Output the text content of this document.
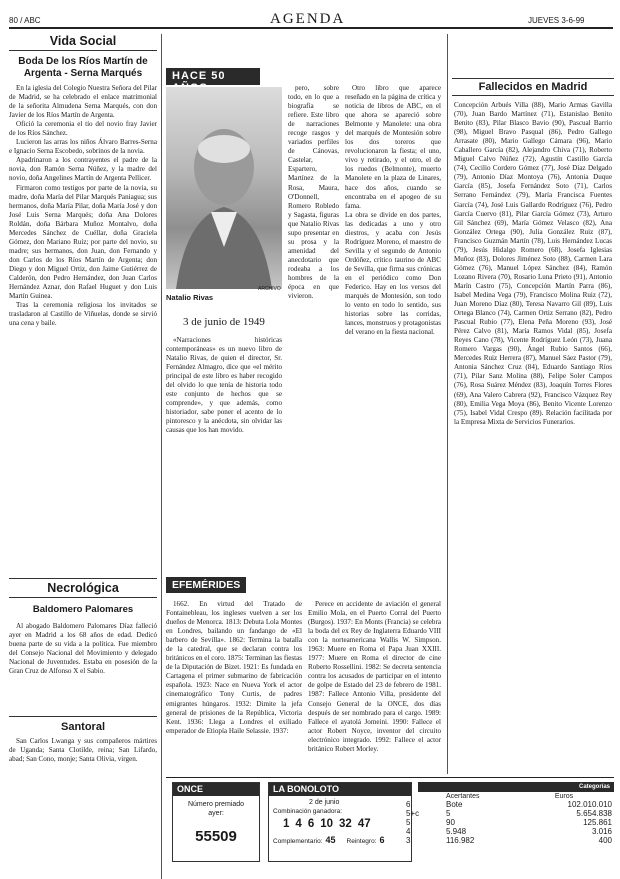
80 / ABC	AGENDA	JUEVES 3-6-99
Vida Social
Boda De los Ríos Martín de Argenta - Serna Marqués

En la iglesia del Colegio Nuestra Señora del Pilar de Madrid, se ha celebrado el enlace matrimonial de la señorita Almudena Serna Marqués, con don Javier de los Ríos Martín de Argenta.

Ofició la ceremonia el tío del novio fray Javier de los Ríos Sánchez.

Lucieron las arras los niños Álvaro Barres-Serna e Ignacio Serna Escobedo, sobrinos de la novia.

Apadrinaron a los contrayentes el padre de la novia, don Ramón Serna Núñez, y la madre del novio, doña Angelines Martín de Argenta Pellicer.

Firmaron como testigos por parte de la novia, su madre, doña María del Pilar Marqués Paniagua; sus hermanos, doña María Pilar, doña María José y don José Luis Serna Marqués; doña Ana Dolores Roldán, doña Bárbara Muñoz Montalvo, doña Mercedes Sánchez de Cuéllar, doña Graciela Gómez, don Mariano Ruiz; por parte del novio, su madre; sus hermanos, don Juan, don Fernando y don Carlos de los Ríos Martín de Argenta; don Diego y don Miguel Ortiz, don Jaime Gutiérrez de Calderón, don Pedro Hernández, don Juan Carlos Hernández Aznar, don Rafael Huguet y don Luis Martín Guinea.

Tras la ceremonia religiosa los invitados se trasladaron al Castillo de Viñuelas, donde se sirvió una cena y baile.

Necrológica
Baldomero Palomares

Al abogado Baldomero Palomares Díaz falleció ayer en Madrid a los 68 años de edad. Dedicó buena parte de su vida a la política. Fue miembro del Consejo Nacional del Movimiento y delegado Nacional de Juventudes. Estaba en posesión de la Gran Cruz de Alfonso X el Sabio.

Santoral

San Carlos Lwanga y sus compañeros mártires de Uganda; Santa Clotilde, reina; San Lifardo, abad; San Cono, monje; Santa Olivia, virgen.

HACE 50
ARCHIVO
Natalio Rivas
3 de junio de 1949

«Narraciones históricas contemporáneas» es un nuevo libro de Natalio Rivas, de quien el director, Sr. Fernández Almagro, dice que «el mérito principal de este libro es haber recogido del olvido lo que tenía de historia todo este conjunto de hechos que se comprende», y que además, como historiador, sabe poner el acento de lo pintoresco y la anécdota, sin olvidar las causas que los han movido.

pero, sobre todo, en lo que a biografía se refiere. Este libro de narraciones recoge rasgos y variados perfiles de Cánovas, Castelar, Espartero, Martínez de la Rosa, Maura, O'Donnell, Romero Robledo y Sagasta, figuras que Natalio Rivas supo presentar en su prosa y la amenidad del anecdotario que rodeaba a los hombres de la época en que vivieron.

Otro libro que aparece reseñado en la página de crítica y noticia de libros de ABC, en el que ahora se apareció sobre Belmonte y Manolete: una obra del marqués de Montesión sobre los dos toreros que revolucionaron la fiesta; el uno, vivo y retirado, y el otro, el de los ruedos (Belmonte), muerto Manolete en la plaza de Linares, hace dos años, cuando se encontraba en el apogeo de su fama.
La obra se divide en dos partes, las dedicadas a uno y otro diestros, y acaba con Jesús Rodríguez Moreno, el maestro de Sevilla y el segundo de Antonio Ordóñez, crítico taurino de ABC de Sevilla, que firma sus crónicas en el periódico como Don Federico. Hay en los versos del marqués de Montesión, son todo lo vento en todo lo sentido, sus historias sobre las corridas, lances, monstruos y protagonistas del verano en la fiesta nacional.

EFEMÉRIDES

1662. En virtud del Tratado de Fontainebleau, los ingleses vuelven a ser los dueños de Menorca. 1813: Debuta Lola Montes en Londres, bailando un fandango de «El barbero de Sevilla». 1862: Termina la batalla de la catedral, que se declaran contra los británicos en el coro. 1875: Terminan las fiestas de la Diputación de Bizet. 1921: Es fundada en Cartagena el primer submarino de fabricación española. 1923: Nace en Nueva York el actor cinematográfico Tony Curtis, de padres emigrantes húngaros. 1932: Dimite la jefa general de prisiones de la República, Victoria Kent. 1936: Llega a Londres el exiliado emperador de Etiopía Haile Selassie. 1937:

Perece en accidente de aviación el general Emilio Mola, en el Puerto Corral del Puerto (Burgos). 1937: En Monts (Francia) se celebra la boda del ex Rey de Inglaterra Eduardo VIII con la norteamericana Wallis W. Simpson. 1963: Muere en Roma el Papa Juan XXIII. 1977: Muere en Roma el director de cine Roberto Rossellini. 1982: Se decreta sentencia contra los acusados de participar en el intento de golpe de Estado del 23 de febrero de 1981. 1987: Fallece Antonio Villa, presidente del Consejo General de la ONCE, dos días después de ser nombrado para el cargo. 1989: Fallece el ayatolá Jomeini. 1990: Fallece el actor Robert Noyce, inventor del circuito electrónico integrado. 1992: Fallece el actor británico Robert Morley.

Fallecidos en Madrid

Concepción Arbués Villa (88), Mario Armas Gavilla (70), Juan Bardo Martínez (71), Estanislao Benito Benito (83), Pilar Blasco Bavio (90), Pascual Barrio (98), Miguel Bravo Pasqual (86), Pedro Gallego Arrasate (80), Mario Gallego Cámara (96), Mario Caballero García (82), Alejandro Chiva (71), Roberto Miguel Calvo Núñez (72), Agustín Castillo García (74), Cecilio Cordero Gómez (77), José Díaz Delgado (79), Antonio Díaz Montoya (76), Antonia Duque García (85), Josefa Fernández Soto (71), Carlos Serrano Fernández (79), María Francisca Fuentes García (74), José Luis Gallardo Rodríguez (76), Pedro García Cuervo (81), Pilar García Gómez (73), Arturo Gil Sánchez (69), María Gómez Velasco (82), Ana González Ortega (90), Julia González Ruiz (87), Francisco Guzmán Martín (78), Luis Hernández Lucas (79), Jesús Hidalgo Romero (68), Josefa Iglesias Muñoz (83), Dolores Jiménez Soto (88), Carmen Lara Gómez (76), Manuel López Sánchez (84), Ramón Lozano Rivera (70), Rosario Luna Prieto (91), Antonio Marín Castro (75), Concepción Martín Parra (86), Isabel Medina Vega (79), Francisco Molina Ruiz (72), Juan Moreno Díaz (80), Teresa Navarro Gil (89), Luis Ortega Blanco (74), Carmen Ortiz Serrano (82), Pedro Pascual Rubio (77), Elena Peña Moreno (93), José Pérez Calvo (81), María Ramos Vidal (85), Josefa Reyes Cano (78), Vicente Rodríguez León (73), Juana Romero Vargas (90), Ángel Rubio Santos (66), Mercedes Ruiz Herrera (87), Manuel Sáez Pastor (79), Antonia Sánchez Cruz (84), Eduardo Santiago Ríos (71), Pilar Sanz Molina (88), Felipe Soler Campos (76), Rosa Suárez Méndez (83), Joaquín Torres Flores (69), Ana Valero Cabrera (92), Francisco Vázquez Rey (80), Emilia Vega Moya (86), Benito Vicente Lorenzo (75), Isabel Vidal Crespo (89). Relación facilitada por la Empresa Mixta de Servicios Funerarios.

ONCE
Número premiado ayer:
55509
LA BONOLOTO
2 de junio
Combinación ganadora:
1 4 6 10 32 47
Complementario: 45 Reintegro: 6
Categorías
	Acertantes	Euros
6	Bote	102.010.010
5+c	5	5.654.838
5	90	125.861
4	5.948	3.016
3	116.982	400
